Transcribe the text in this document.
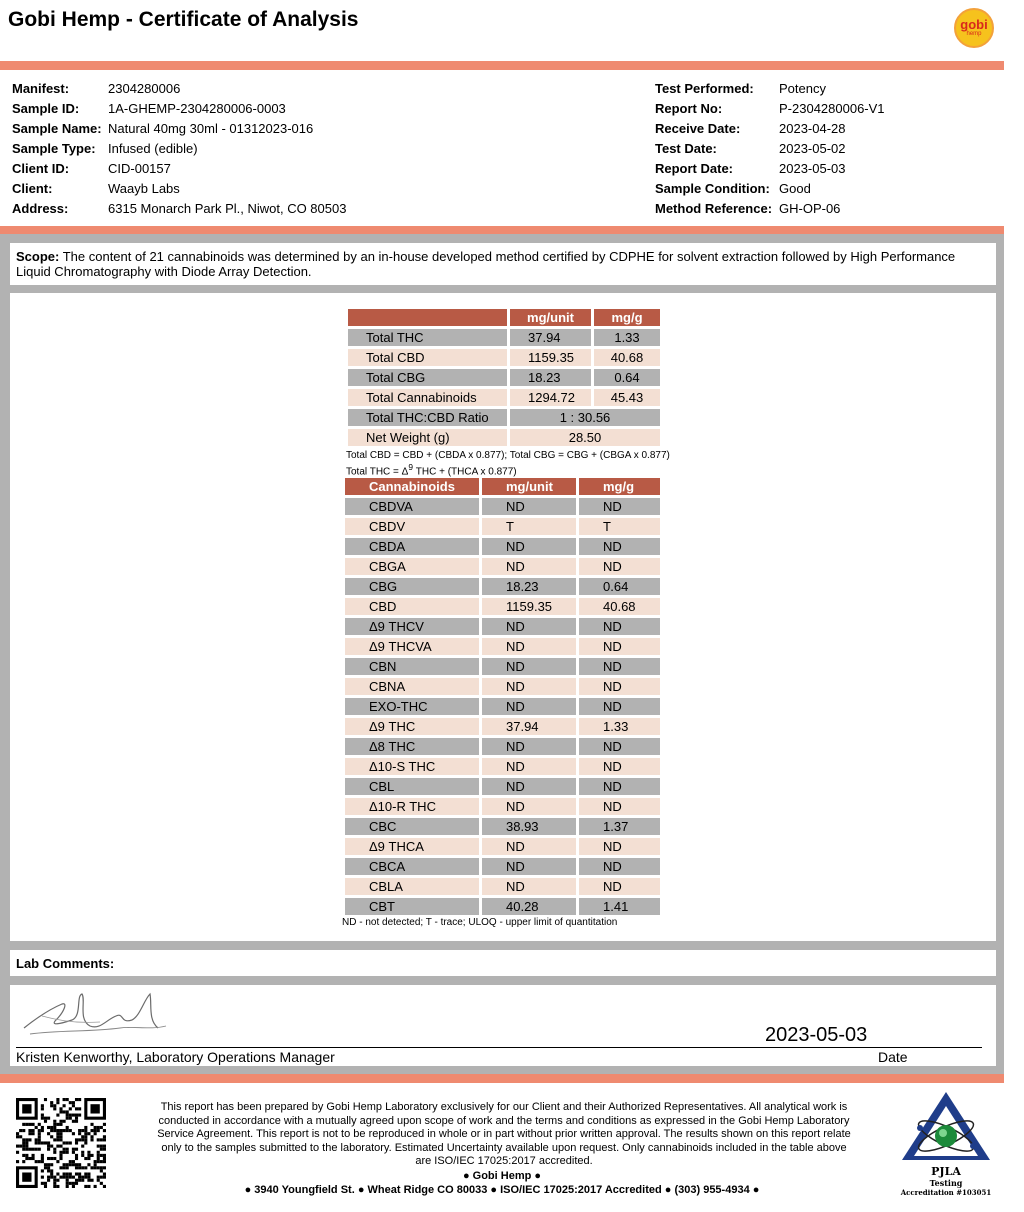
Gobi Hemp - Certificate of Analysis	gobi
hemp
Manifest:	2304280006
Sample ID:	1A-GHEMP-2304280006-0003
Sample Name: Natural 40mg 30ml - 01312023-016
Sample Type: Infused (edible)
Client ID:	CID-00157
Client:	Waayb Labs
Address:	6315 Monarch Park Pl., Niwot, CO 80503
Test Performed:	Potency
Report No:	P-2304280006-V1
Receive Date:	2023-04-28
Test Date:	2023-05-02
Report Date:	2023-05-03
Sample Condition: Good
Method Reference: GH-OP-06
Scope: The content of 21 cannabinoids was determined by an in-house developed method certified by CDPHE for solvent extraction followed by High Performance Liquid Chromatography with Diode Array Detection.
	mg/unit	mg/g
Total THC	37.94	1.33
Total CBD	1159.35	40.68
Total CBG	18.23	0.64
Total Cannabinoids	1294.72	45.43
Total THC:CBD Ratio	1 : 30.56	
Net Weight (g)	28.50	
Total CBD = CBD + (CBDA x 0.877); Total CBG = CBG + (CBGA x 0.877)
Total THC = $\Delta^9$ THC + (THCA x 0.877)
Cannabinoids	mg/unit	mg/g
CBDVA	ND	ND
CBDV	T	T
CBDA	ND	ND
CBGA	ND	ND
CBG	18.23	0.64
CBD	1159.35	40.68
Δ9 THCV	ND	ND
Δ9 THCVA	ND	ND
CBN	ND	ND
CBNA	ND	ND
EXO-THC	ND	ND
Δ9 THC	37.94	1.33
Δ8 THC	ND	ND
Δ10-S THC	ND	ND
CBL	ND	ND
Δ10-R THC	ND	ND
CBC	38.93	1.37
Δ9 THCA	ND	ND
CBCA	ND	ND
CBLA	ND	ND
CBT	40.28	1.41
ND - not detected; T - trace; ULOQ - upper limit of quantitation
Lab Comments:
2023-05-03
Kristen Kenworthy, Laboratory Operations Manager	Date
This report has been prepared by Gobi Hemp Laboratory exclusively for our Client and their Authorized Representatives. All analytical work is conducted in accordance with a mutually agreed upon scope of work and the terms and conditions as expressed in the Gobi Hemp Laboratory Service Agreement. This report is not to be reproduced in whole or in part without prior written approval. The results shown on this report relate only to the samples submitted to the laboratory. Estimated Uncertainty available upon request. Only cannabinoids included in the table above are ISO/IEC 17025:2017 accredited.
● Gobi Hemp ●
● 3940 Youngfield St. ● Wheat Ridge CO 80033 ● ISO/IEC 17025:2017 Accredited ● (303) 955-4934 ●
PJLA
Testing
Accreditation #103051
